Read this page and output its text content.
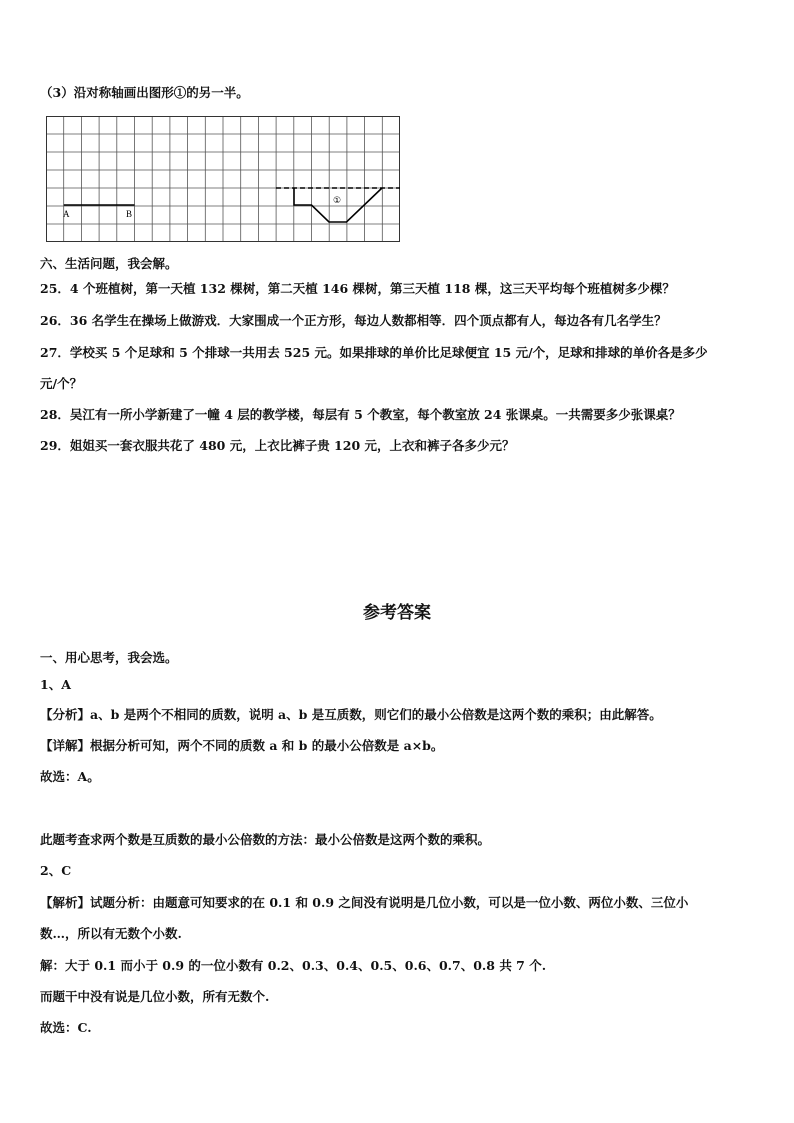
（3）沿对称轴画出图形①的另一半。
A	B
①
六、生活问题，我会解。
25．4 个班植树，第一天植 132 棵树，第二天植 146 棵树，第三天植 118 棵，这三天平均每个班植树多少棵？
26．36 名学生在操场上做游戏．大家围成一个正方形，每边人数都相等．四个顶点都有人，每边各有几名学生？
27．学校买 5 个足球和 5 个排球一共用去 525 元。如果排球的单价比足球便宜 15 元/个，足球和排球的单价各是多少
元/个？
28．吴江有一所小学新建了一幢 4 层的教学楼，每层有 5 个教室，每个教室放 24 张课桌。一共需要多少张课桌？
29．姐姐买一套衣服共花了 480 元，上衣比裤子贵 120 元，上衣和裤子各多少元？
参考答案
一、用心思考，我会选。
1、A
【分析】a、b 是两个不相同的质数，说明 a、b 是互质数，则它们的最小公倍数是这两个数的乘积；由此解答。
【详解】根据分析可知，两个不同的质数 a 和 b 的最小公倍数是 a×b。
故选：A。
此题考查求两个数是互质数的最小公倍数的方法：最小公倍数是这两个数的乘积。
2、C
【解析】试题分析：由题意可知要求的在 0.1 和 0.9 之间没有说明是几位小数，可以是一位小数、两位小数、三位小
数…，所以有无数个小数.
解：大于 0.1 而小于 0.9 的一位小数有 0.2、0.3、0.4、0.5、0.6、0.7、0.8 共 7 个.
而题干中没有说是几位小数，所有无数个.
故选：C.
